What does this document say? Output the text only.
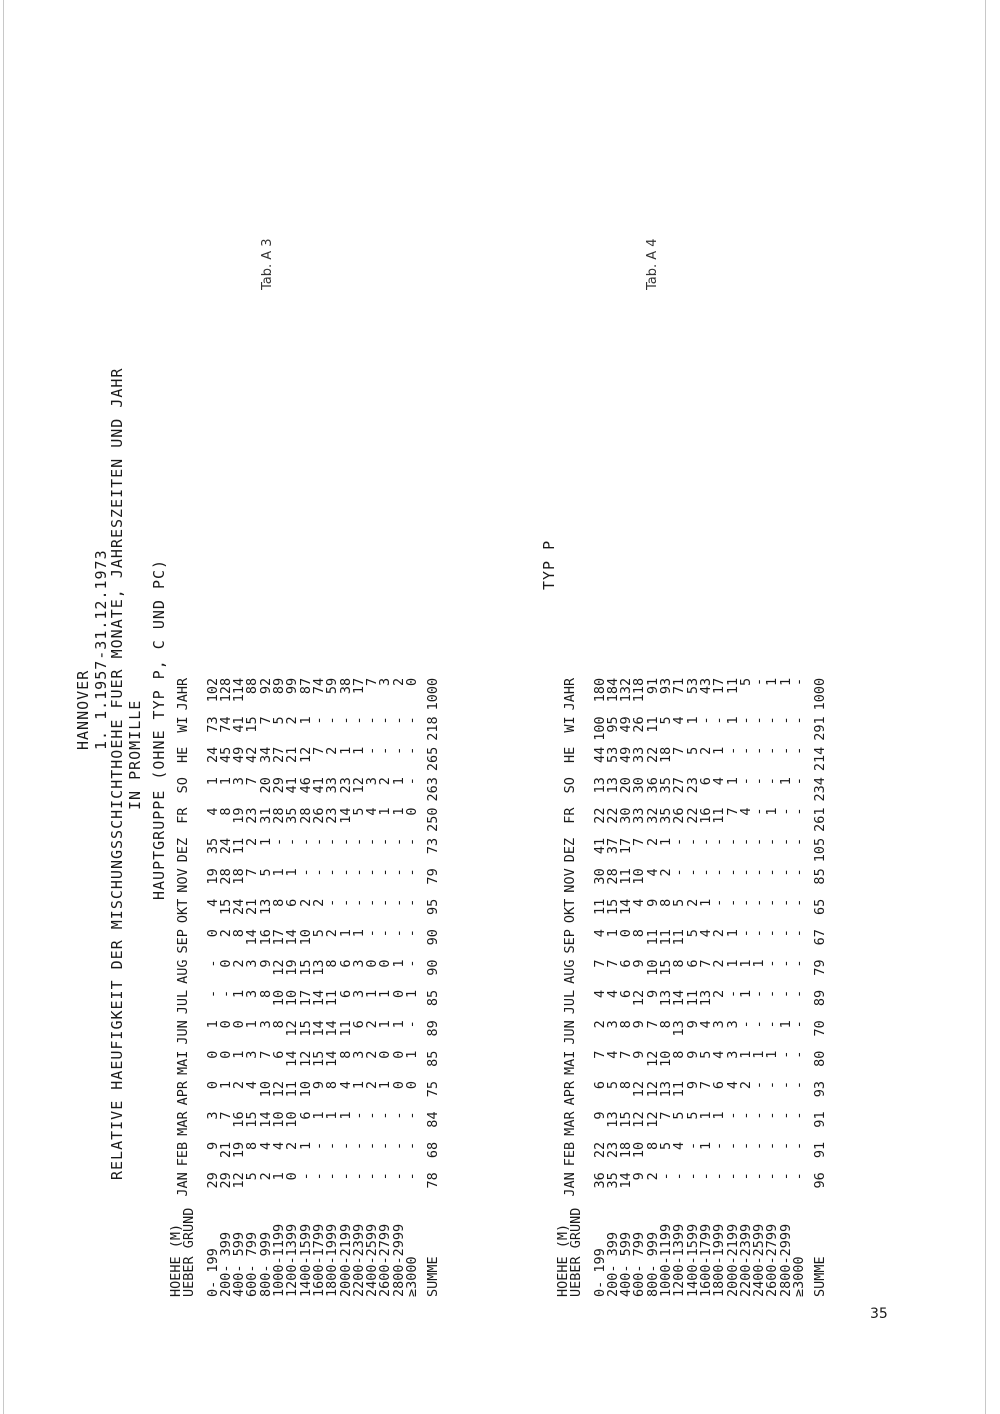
HANNOVER 1. 1.1957-31.12.1973
RELATIVE HAEUFIGKEIT DER MISCHUNGSSCHICHTHOEHE FUER MONATE, JAHRESZEITEN UND JAHR IN PROMILLE HAUPTGRUPPE (OHNE TYP P, C UND PC)
Tab. A 3
HOEHE (M)
UEBER GRUND	JAN	FEB	MAR	APR	MAI	JUN	JUL	AUG	SEP	OKT	NOV	DEZ	FR	SO	HE	WI	JAHR
0- 199	29	9	3	0	0	1	-	-	0	4	19	35	4	1	24	73	102
200- 399	29	21	7	1	0	0	-	0	2	15	28	24	8	1	45	74	128
400- 599	12	19	16	2	1	0	1	2	8	24	18	11	19	3	49	41	114
600- 799	5	8	15	4	3	1	3	3	14	21	7	2	23	7	42	15	88
800- 999	2	4	14	10	7	3	8	9	16	13	5	1	31	20	34	7	92
1000-1199	1	4	10	12	6	8	10	12	17	8	1	-	28	29	27	5	89
1200-1399	0	2	10	11	14	12	10	19	14	6	1	-	35	41	21	2	99
1400-1599	-	1	6	10	12	15	17	15	10	2	-	-	28	46	12	1	87
1600-1799	-	-	1	9	15	14	14	13	5	2	-	-	26	41	7	-	74
1800-1999	-	-	1	8	14	14	11	8	2	-	-	-	23	33	2	-	59
2000-2199	-	-	1	4	8	11	6	6	1	-	-	-	14	23	1	-	38
2200-2399	-	-	-	1	3	6	3	3	1	-	-	-	5	12	1	-	17
2400-2599	-	-	-	2	2	2	1	0	-	-	-	-	4	3	-	-	7
2600-2799	-	-	-	1	0	1	1	0	-	-	-	-	1	2	-	-	3
2800-2999	-	-	-	0	0	1	0	1	-	-	-	-	1	1	-	-	2
≥3000	-	-	-	0	1	-	1	-	-	-	-	-	0	-	-	-	0
SUMME	78	68	84	75	85	89	85	90	90	95	79	73	250	263	265	218	1000
TYP P
Tab. A 4
HOEHE (M)
UEBER GRUND	JAN	FEB	MAR	APR	MAI	JUN	JUL	AUG	SEP	OKT	NOV	DEZ	FR	SO	HE	WI	JAHR
0- 199	36	22	9	6	7	2	4	7	4	11	30	41	22	13	44	100	180
200- 399	35	23	13	5	4	3	4	7	1	15	28	37	22	13	53	95	184
400- 599	14	18	15	8	7	8	6	6	0	14	11	17	30	20	49	49	132
600- 799	9	10	12	12	9	9	12	9	8	4	10	7	33	30	33	26	118
800- 999	2	8	12	12	12	7	9	10	11	9	4	2	32	36	22	11	91
1000-1199	-	5	7	13	10	8	13	15	11	8	2	1	35	35	18	5	93
1200-1399	-	4	5	11	8	13	14	8	11	5	-	-	26	27	7	4	71
1400-1599	-	-	5	9	9	9	11	6	5	2	-	-	22	23	5	1	53
1600-1799	-	1	1	7	5	4	13	7	4	1	-	-	16	6	2	-	43
1800-1999	-	-	1	6	4	3	2	2	2	-	-	-	11	4	1	-	17
2000-2199	-	-	-	4	3	3	-	1	1	-	-	-	7	1	-	1	11
2200-2399	-	-	-	2	1	-	1	1	-	-	-	-	4	-	-	-	5
2400-2599	-	-	-	-	1	-	-	1	-	-	-	-	-	-	-	-	-
2600-2799	-	-	-	-	1	-	-	-	-	-	-	-	1	-	-	-	1
2800-2999	-	-	-	-	-	1	-	-	-	-	-	-	-	1	-	-	1
≥3000	-	-	-	-	-	-	-	-	-	-	-	-	-	-	-	-	-
SUMME	96	91	91	93	80	70	89	79	67	65	85	105	261	234	214	291	1000
35
